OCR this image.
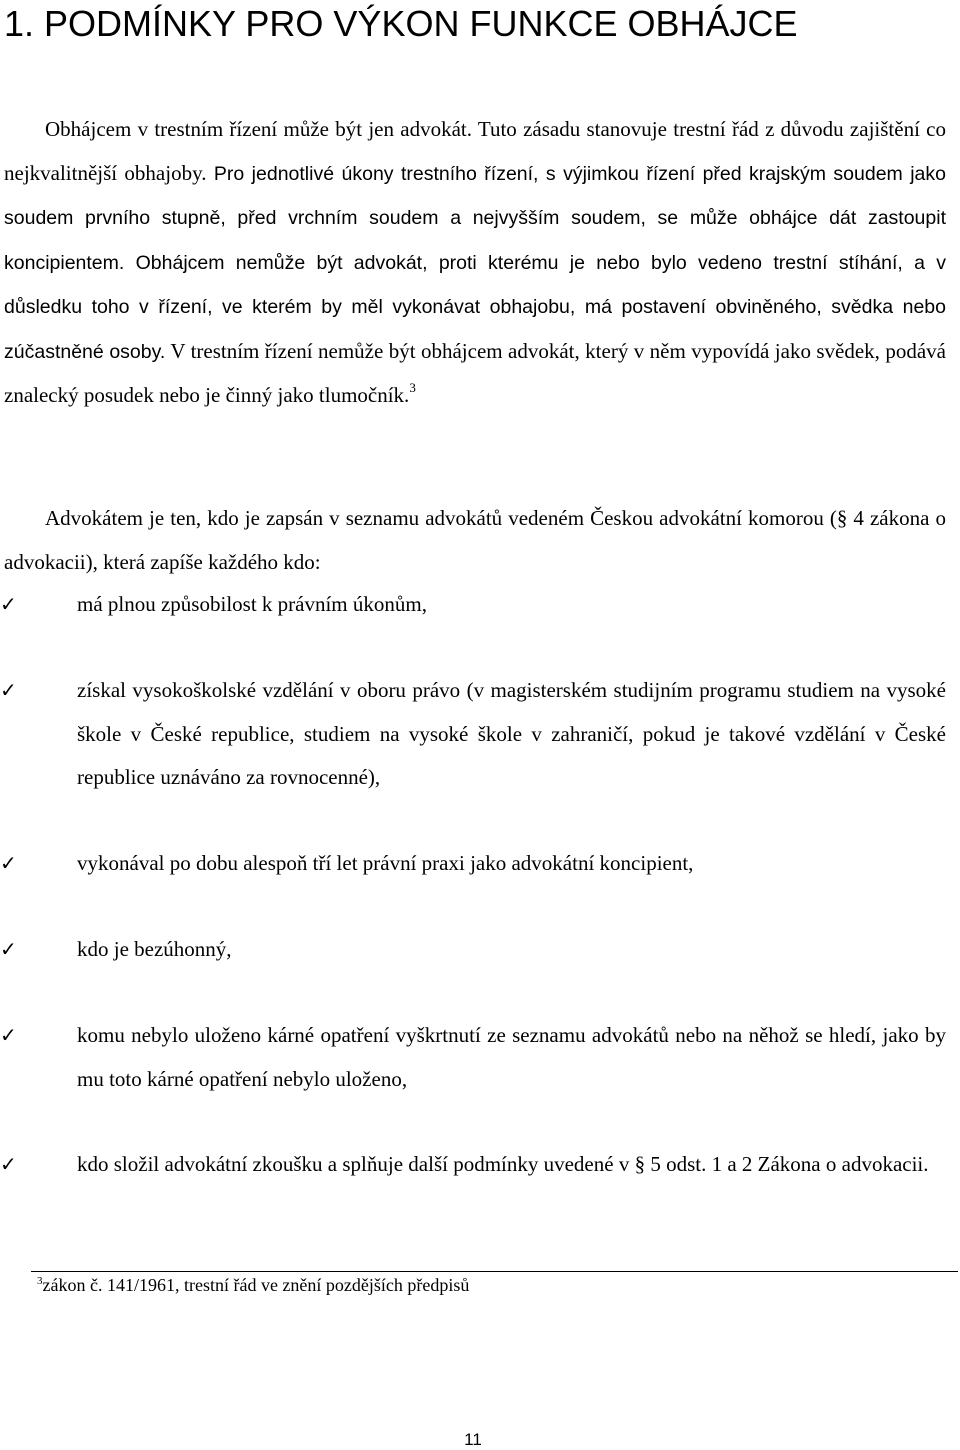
1. PODMÍNKY PRO VÝKON FUNKCE OBHÁJCE

Obhájcem v trestním řízení může být jen advokát. Tuto zásadu stanovuje trestní řád z důvodu zajištění co nejkvalitnější obhajoby. Pro jednotlivé úkony trestního řízení, s výjimkou řízení před krajským soudem jako soudem prvního stupně, před vrchním soudem a nejvyšším soudem, se může obhájce dát zastoupit koncipientem. Obhájcem nemůže být advokát, proti kterému je nebo bylo vedeno trestní stíhání, a v důsledku toho v řízení, ve kterém by měl vykonávat obhajobu, má postavení obviněného, svědka nebo zúčastněné osoby. V trestním řízení nemůže být obhájcem advokát, který v něm vypovídá jako svědek, podává znalecký posudek nebo je činný jako tlumočník.$^3$

Advokátem je ten, kdo je zapsán v seznamu advokátů vedeném Českou advokátní komorou (§ 4 zákona o advokacii), která zapíše každého kdo:

✓	má plnou způsobilost k právním úkonům,
✓	získal vysokoškolské vzdělání v oboru právo (v magisterském studijním programu studiem na vysoké škole v České republice, studiem na vysoké škole v zahraničí, pokud je takové vzdělání v České republice uznáváno za rovnocenné),
✓	vykonával po dobu alespoň tří let právní praxi jako advokátní koncipient,
✓	kdo je bezúhonný,
✓	komu nebylo uloženo kárné opatření vyškrtnutí ze seznamu advokátů nebo na něhož se hledí, jako by mu toto kárné opatření nebylo uloženo,
✓	kdo složil advokátní zkoušku a splňuje další podmínky uvedené v § 5 odst. 1 a 2 Zákona o advokacii.

$^3$zákon č. 141/1961, trestní řád ve znění pozdějších předpisů

11
